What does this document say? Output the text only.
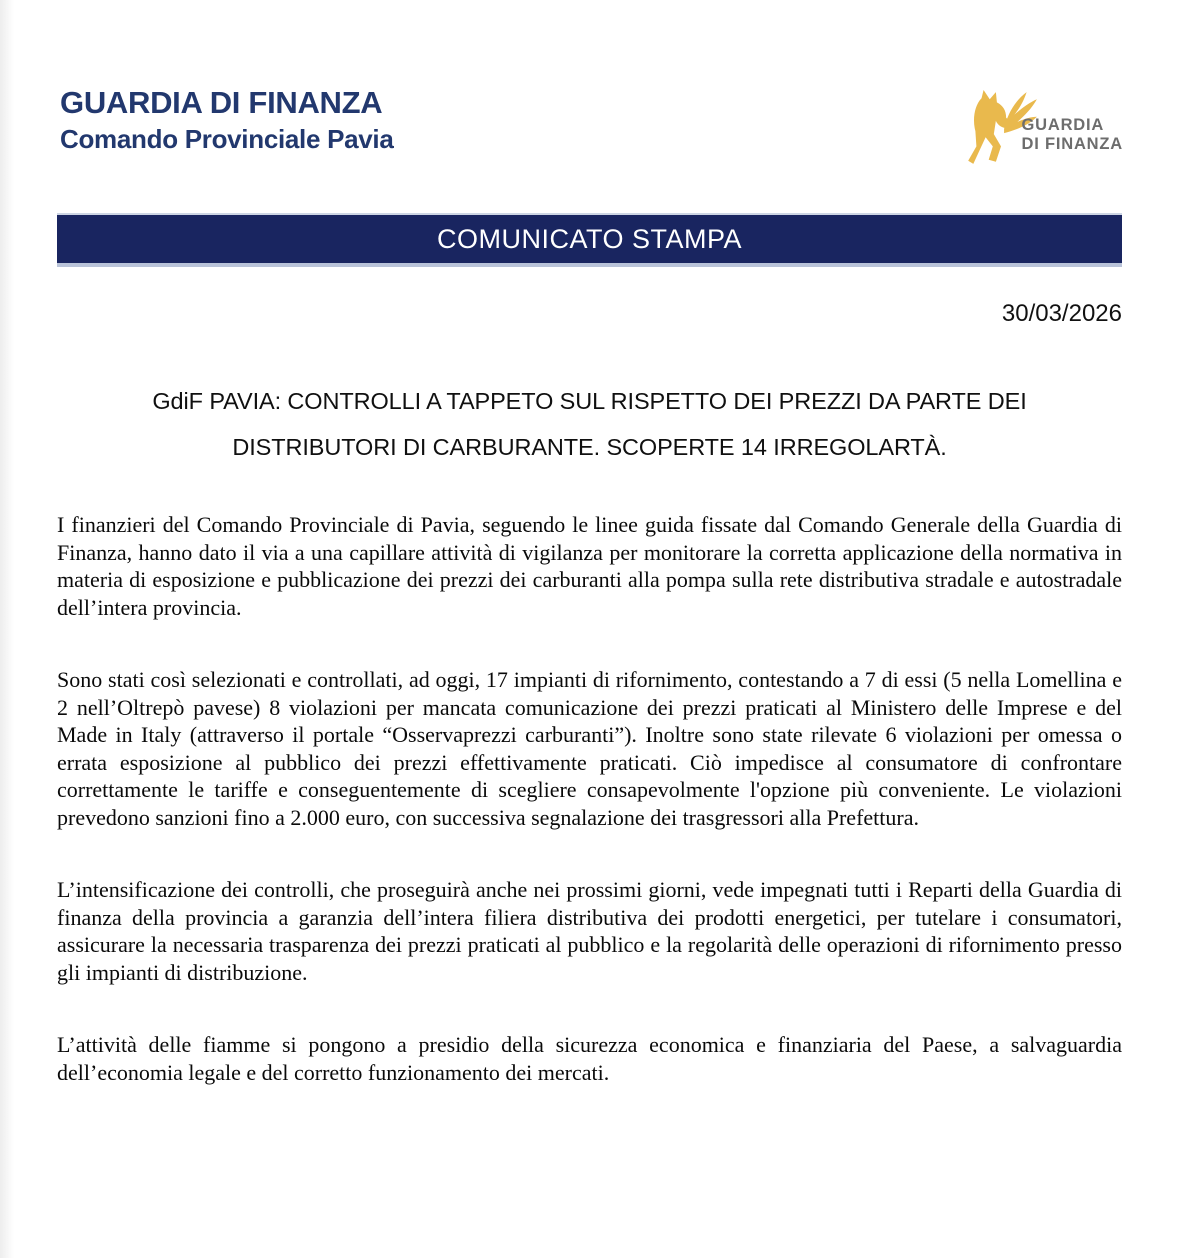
GUARDIA DI FINANZA
Comando Provinciale Pavia	GUARDIA
DI FINANZA
COMUNICATO STAMPA
30/03/2026
GdiF PAVIA: CONTROLLI A TAPPETO SUL RISPETTO DEI PREZZI DA PARTE DEI
DISTRIBUTORI DI CARBURANTE. SCOPERTE 14 IRREGOLARTÀ.

I finanzieri del Comando Provinciale di Pavia, seguendo le linee guida fissate dal Comando Generale della Guardia di Finanza, hanno dato il via a una capillare attività di vigilanza per monitorare la corretta applicazione della normativa in materia di esposizione e pubblicazione dei prezzi dei carburanti alla pompa sulla rete distributiva stradale e autostradale dell’intera provincia.

Sono stati così selezionati e controllati, ad oggi, 17 impianti di rifornimento, contestando a 7 di essi (5 nella Lomellina e 2 nell’Oltrepò pavese) 8 violazioni per mancata comunicazione dei prezzi praticati al Ministero delle Imprese e del Made in Italy (attraverso il portale “Osservaprezzi carburanti”). Inoltre sono state rilevate 6 violazioni per omessa o errata esposizione al pubblico dei prezzi effettivamente praticati. Ciò impedisce al consumatore di confrontare correttamente le tariffe e conseguentemente di scegliere consapevolmente l'opzione più conveniente. Le violazioni prevedono sanzioni fino a 2.000 euro, con successiva segnalazione dei trasgressori alla Prefettura.

L’intensificazione dei controlli, che proseguirà anche nei prossimi giorni, vede impegnati tutti i Reparti della Guardia di finanza della provincia a garanzia dell’intera filiera distributiva dei prodotti energetici, per tutelare i consumatori, assicurare la necessaria trasparenza dei prezzi praticati al pubblico e la regolarità delle operazioni di rifornimento presso gli impianti di distribuzione.

L’attività delle fiamme si pongono a presidio della sicurezza economica e finanziaria del Paese, a salvaguardia dell’economia legale e del corretto funzionamento dei mercati.
